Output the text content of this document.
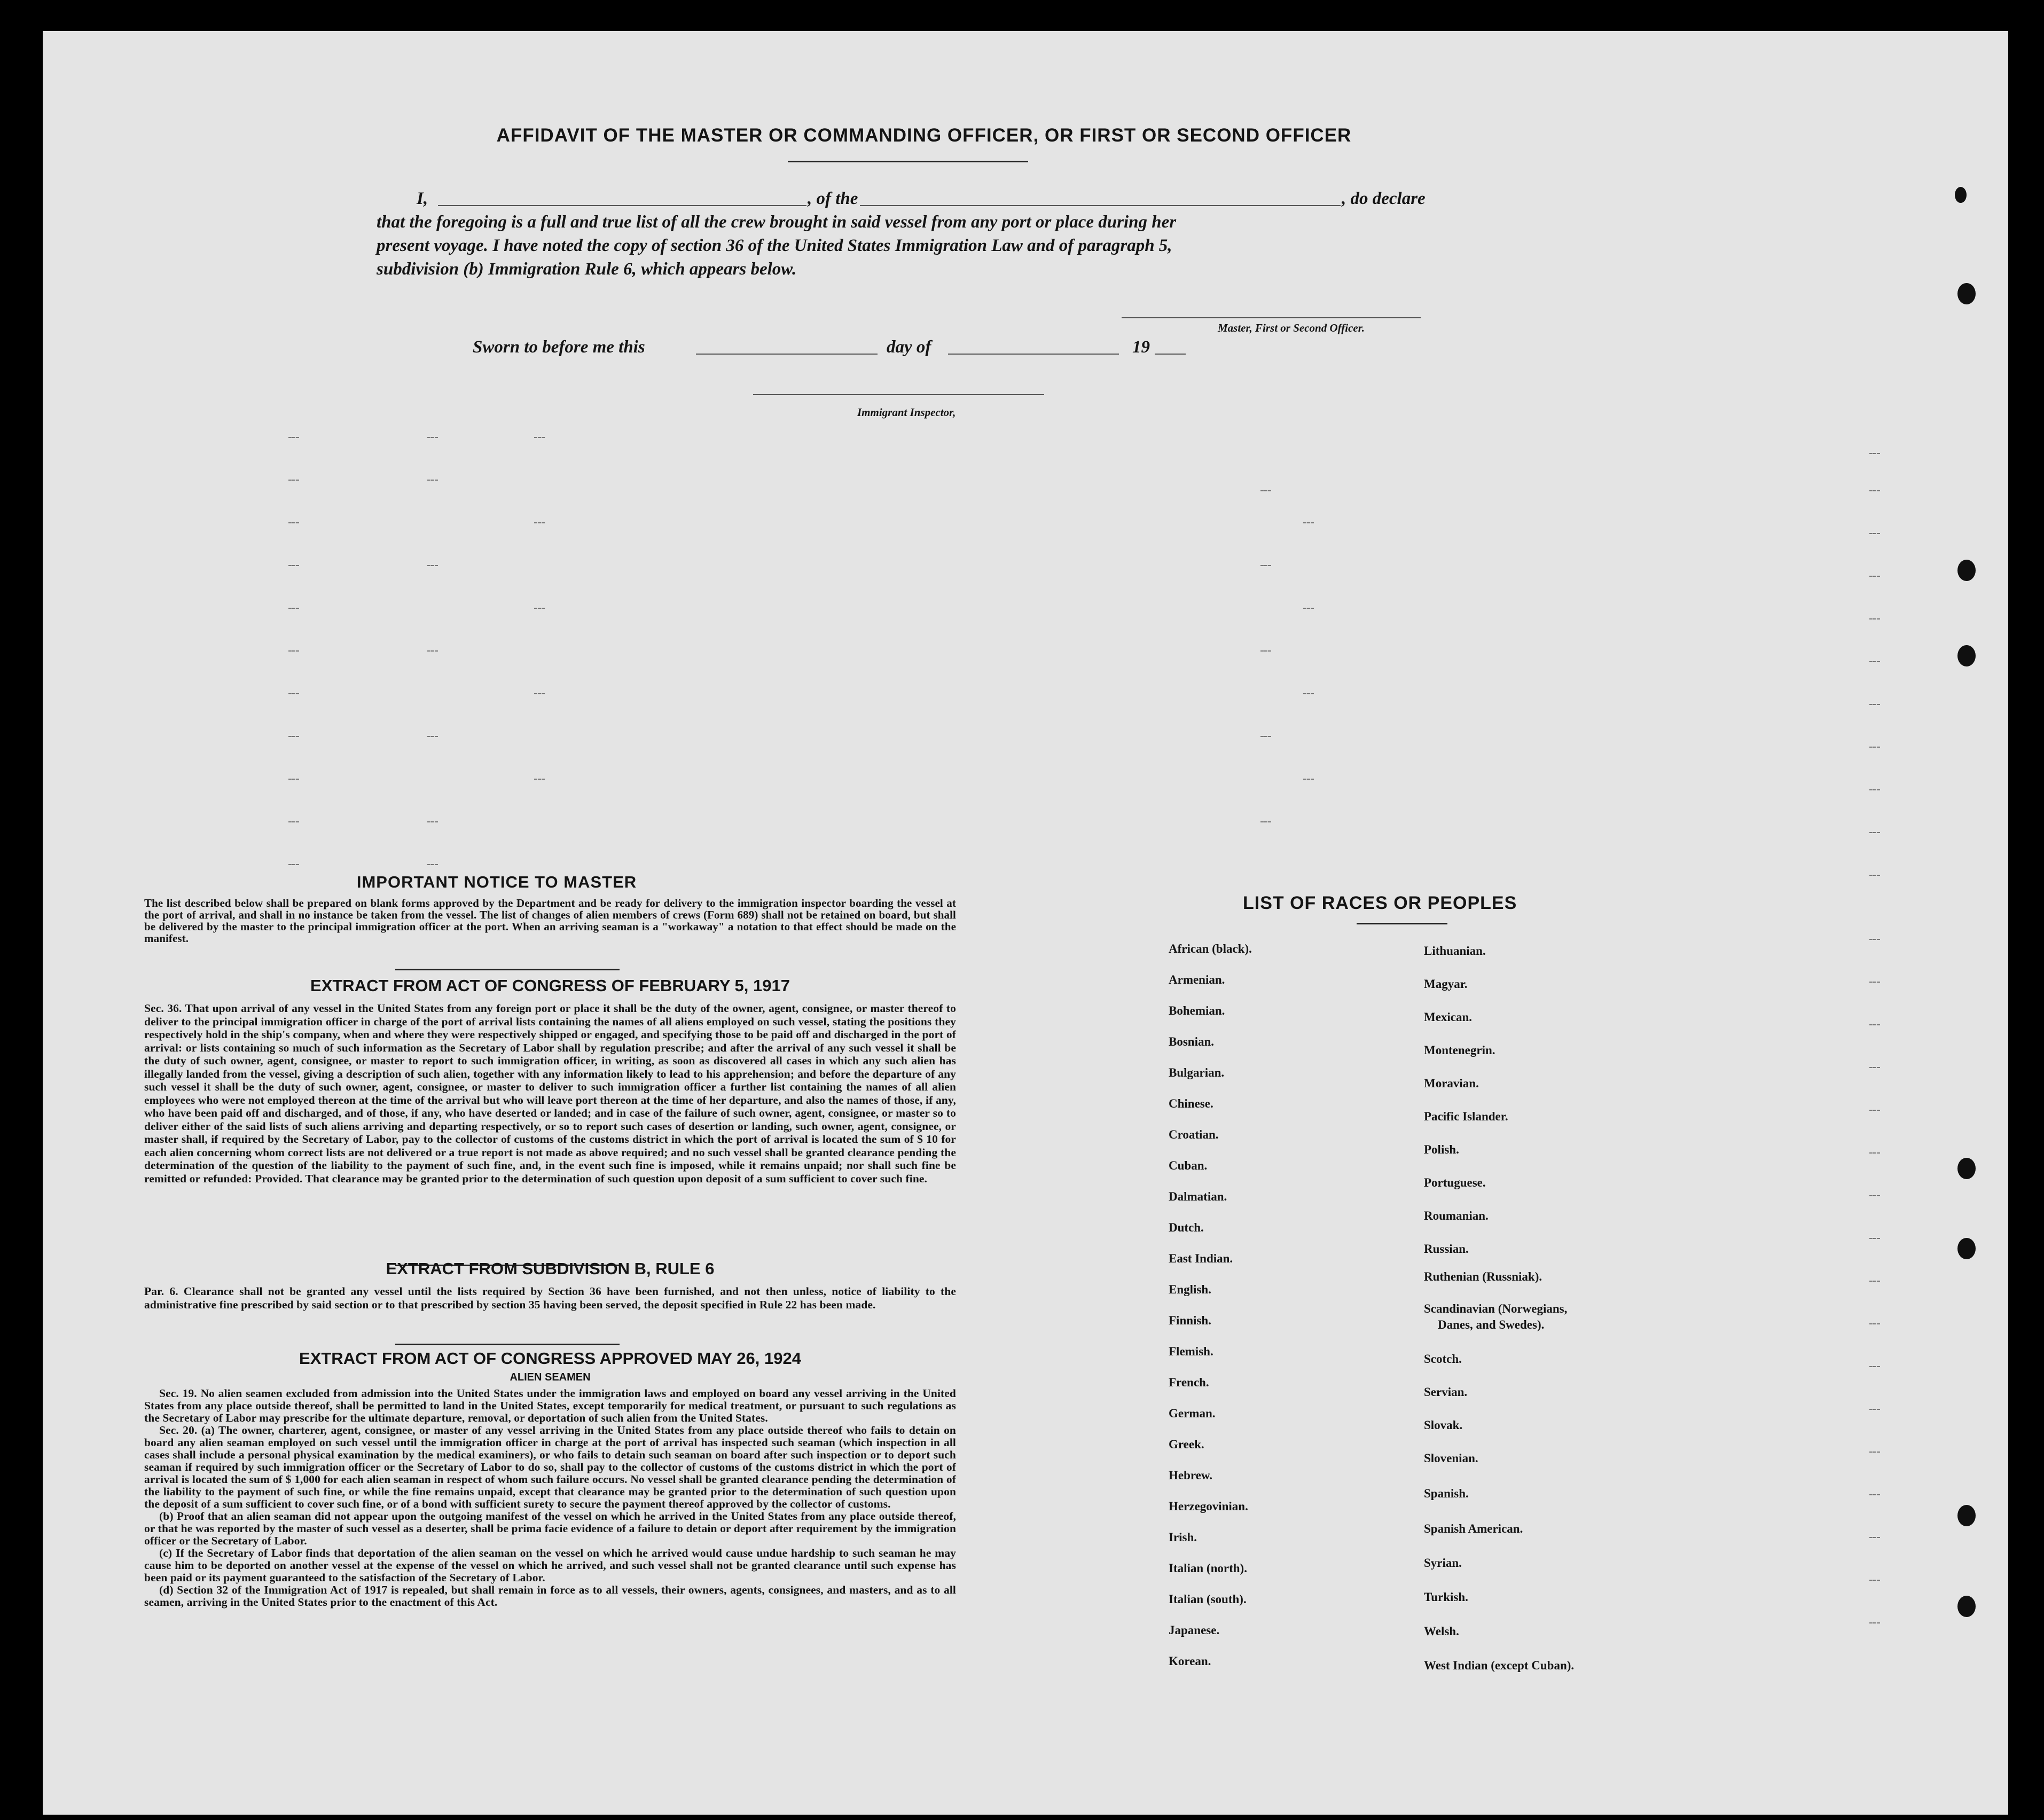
AFFIDAVIT OF THE MASTER OR COMMANDING OFFICER, OR FIRST OR SECOND OFFICER
I,	, of the	, do declare
that the foregoing is a full and true list of all the crew brought in said vessel from any port or place during her
present voyage. I have noted the copy of section 36 of the United States Immigration Law and of paragraph 5,
subdivision (b) Immigration Rule 6, which appears below.
Master, First or Second Officer.
Sworn to before me this	day of	19
Immigrant Inspector,
IMPORTANT NOTICE TO MASTER
The list described below shall be prepared on blank forms approved by the Department and be ready for delivery to the immigration inspector boarding the vessel at the port of arrival, and shall in no instance be taken from the vessel. The list of changes of alien members of crews (Form 689) shall not be retained on board, but shall be delivered by the master to the principal immigration officer at the port. When an arriving seaman is a "workaway" a notation to that effect should be made on the manifest.
EXTRACT FROM ACT OF CONGRESS OF FEBRUARY 5, 1917
Sec. 36. That upon arrival of any vessel in the United States from any foreign port or place it shall be the duty of the owner, agent, consignee, or master thereof to deliver to the principal immigration officer in charge of the port of arrival lists containing the names of all aliens employed on such vessel, stating the positions they respectively hold in the ship's company, when and where they were respectively shipped or engaged, and specifying those to be paid off and discharged in the port of arrival: or lists containing so much of such information as the Secretary of Labor shall by regulation prescribe; and after the arrival of any such vessel it shall be the duty of such owner, agent, consignee, or master to report to such immigration officer, in writing, as soon as discovered all cases in which any such alien has illegally landed from the vessel, giving a description of such alien, together with any information likely to lead to his apprehension; and before the departure of any such vessel it shall be the duty of such owner, agent, consignee, or master to deliver to such immigration officer a further list containing the names of all alien employees who were not employed thereon at the time of the arrival but who will leave port thereon at the time of her departure, and also the names of those, if any, who have been paid off and discharged, and of those, if any, who have deserted or landed; and in case of the failure of such owner, agent, consignee, or master so to deliver either of the said lists of such aliens arriving and departing respectively, or so to report such cases of desertion or landing, such owner, agent, consignee, or master shall, if required by the Secretary of Labor, pay to the collector of customs of the customs district in which the port of arrival is located the sum of $ 10 for each alien concerning whom correct lists are not delivered or a true report is not made as above required; and no such vessel shall be granted clearance pending the determination of the question of the liability to the payment of such fine, and, in the event such fine is imposed, while it remains unpaid; nor shall such fine be remitted or refunded: Provided. That clearance may be granted prior to the determination of such question upon deposit of a sum sufficient to cover such fine.
EXTRACT FROM SUBDIVISION B, RULE 6
Par. 6. Clearance shall not be granted any vessel until the lists required by Section 36 have been furnished, and not then unless, notice of liability to the administrative fine prescribed by said section or to that prescribed by section 35 having been served, the deposit specified in Rule 22 has been made.
EXTRACT FROM ACT OF CONGRESS APPROVED MAY 26, 1924
ALIEN SEAMEN
Sec. 19. No alien seamen excluded from admission into the United States under the immigration laws and employed on board any vessel arriving in the United States from any place outside thereof, shall be permitted to land in the United States, except temporarily for medical treatment, or pursuant to such regulations as the Secretary of Labor may prescribe for the ultimate departure, removal, or deportation of such alien from the United States.
Sec. 20. (a) The owner, charterer, agent, consignee, or master of any vessel arriving in the United States from any place outside thereof who fails to detain on board any alien seaman employed on such vessel until the immigration officer in charge at the port of arrival has inspected such seaman (which inspection in all cases shall include a personal physical examination by the medical examiners), or who fails to detain such seaman on board after such inspection or to deport such seaman if required by such immigration officer or the Secretary of Labor to do so, shall pay to the collector of customs of the customs district in which the port of arrival is located the sum of $ 1,000 for each alien seaman in respect of whom such failure occurs. No vessel shall be granted clearance pending the determination of the liability to the payment of such fine, or while the fine remains unpaid, except that clearance may be granted prior to the determination of such question upon the deposit of a sum sufficient to cover such fine, or of a bond with sufficient surety to secure the payment thereof approved by the collector of customs.
(b) Proof that an alien seaman did not appear upon the outgoing manifest of the vessel on which he arrived in the United States from any place outside thereof, or that he was reported by the master of such vessel as a deserter, shall be prima facie evidence of a failure to detain or deport after requirement by the immigration officer or the Secretary of Labor.
(c) If the Secretary of Labor finds that deportation of the alien seaman on the vessel on which he arrived would cause undue hardship to such seaman he may cause him to be deported on another vessel at the expense of the vessel on which he arrived, and such vessel shall not be granted clearance until such expense has been paid or its payment guaranteed to the satisfaction of the Secretary of Labor.
(d) Section 32 of the Immigration Act of 1917 is repealed, but shall remain in force as to all vessels, their owners, agents, consignees, and masters, and as to all seamen, arriving in the United States prior to the enactment of this Act.
LIST OF RACES OR PEOPLES
African (black).
Armenian.
Bohemian.
Bosnian.
Bulgarian.
Chinese.
Croatian.
Cuban.
Dalmatian.
Dutch.
East Indian.
English.
Finnish.
Flemish.
French.
German.
Greek.
Hebrew.
Herzegovinian.
Irish.
Italian (north).
Italian (south).
Japanese.
Korean.
Lithuanian.
Magyar.
Mexican.
Montenegrin.
Moravian.
Pacific Islander.
Polish.
Portuguese.
Roumanian.
Russian.
Ruthenian (Russniak).
Scandinavian (Norwegians,
Danes, and Swedes).
Scotch.
Servian.
Slovak.
Slovenian.
Spanish.
Spanish American.
Syrian.
Turkish.
Welsh.
West Indian (except Cuban).
